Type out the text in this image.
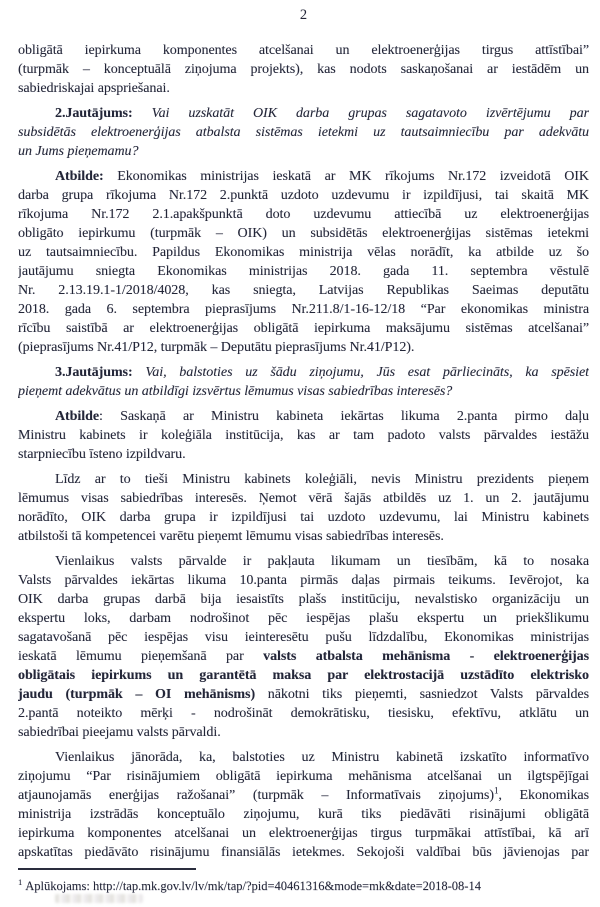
2
obligātā iepirkuma komponentes atcelšanai un elektroenerģijas tirgus attīstībai”
(turpmāk – konceptuālā ziņojuma projekts), kas nodots saskaņošanai ar iestādēm un
sabiedriskajai apspriešanai.
2.Jautājums: Vai uzskatāt OIK darba grupas sagatavoto izvērtējumu par
subsidētās elektroenerģijas atbalsta sistēmas ietekmi uz tautsaimniecību par adekvātu
un Jums pieņemamu?
Atbilde: Ekonomikas ministrijas ieskatā ar MK rīkojums Nr.172 izveidotā OIK
darba grupa rīkojuma Nr.172 2.punktā uzdoto uzdevumu ir izpildījusi, tai skaitā MK
rīkojuma Nr.172 2.1.apakšpunktā doto uzdevumu attiecībā uz elektroenerģijas
obligāto iepirkumu (turpmāk – OIK) un subsidētās elektroenerģijas sistēmas ietekmi
uz tautsaimniecību. Papildus Ekonomikas ministrija vēlas norādīt, ka atbilde uz šo
jautājumu sniegta Ekonomikas ministrijas 2018. gada 11. septembra vēstulē
Nr. 2.13.19.1-1/2018/4028, kas sniegta, Latvijas Republikas Saeimas deputātu
2018. gada 6. septembra pieprasījums Nr.211.8/1-16-12/18 “Par ekonomikas ministra
rīcību saistībā ar elektroenerģijas obligātā iepirkuma maksājumu sistēmas atcelšanai”
(pieprasījums Nr.41/P12, turpmāk – Deputātu pieprasījums Nr.41/P12).
3.Jautājums: Vai, balstoties uz šādu ziņojumu, Jūs esat pārliecināts, ka spēsiet
pieņemt adekvātus un atbildīgi izsvērtus lēmumus visas sabiedrības interesēs?
Atbilde: Saskaņā ar Ministru kabineta iekārtas likuma 2.panta pirmo daļu
Ministru kabinets ir koleģiāla institūcija, kas ar tam padoto valsts pārvaldes iestāžu
starpniecību īsteno izpildvaru.
Līdz ar to tieši Ministru kabinets koleģiāli, nevis Ministru prezidents pieņem
lēmumus visas sabiedrības interesēs. Ņemot vērā šajās atbildēs uz 1. un 2. jautājumu
norādīto, OIK darba grupa ir izpildījusi tai uzdoto uzdevumu, lai Ministru kabinets
atbilstoši tā kompetencei varētu pieņemt lēmumu visas sabiedrības interesēs.
Vienlaikus valsts pārvalde ir pakļauta likumam un tiesībām, kā to nosaka
Valsts pārvaldes iekārtas likuma 10.panta pirmās daļas pirmais teikums. Ievērojot, ka
OIK darba grupas darbā bija iesaistīts plašs institūciju, nevalstisko organizāciju un
ekspertu loks, darbam nodrošinot pēc iespējas plašu ekspertu un priekšlikumu
sagatavošanā pēc iespējas visu ieinteresētu pušu līdzdalību, Ekonomikas ministrijas
ieskatā lēmumu pieņemšanā par valsts atbalsta mehānisma - elektroenerģijas
obligātais iepirkums un garantētā maksa par elektrostacijā uzstādīto elektrisko
jaudu (turpmāk – OI mehānisms) nākotni tiks pieņemti, sasniedzot Valsts pārvaldes
2.pantā noteikto mērķi - nodrošināt demokrātisku, tiesisku, efektīvu, atklātu un
sabiedrībai pieejamu valsts pārvaldi.
Vienlaikus jānorāda, ka, balstoties uz Ministru kabinetā izskatīto informatīvo
ziņojumu “Par risinājumiem obligātā iepirkuma mehānisma atcelšanai un ilgtspējīgai
atjaunojamās enerģijas ražošanai” (turpmāk – Informatīvais ziņojums)$^1$, Ekonomikas
ministrija izstrādās konceptuālo ziņojumu, kurā tiks piedāvāti risinājumi obligātā
iepirkuma komponentes atcelšanai un elektroenerģijas tirgus turpmākai attīstībai, kā arī
apskatītas piedāvāto risinājumu finansiālās ietekmes. Sekojoši valdībai būs jāvienojas par
$^1$ Aplūkojams: http://tap.mk.gov.lv/lv/mk/tap/?pid=40461316&mode=mk&date=2018-08-14
